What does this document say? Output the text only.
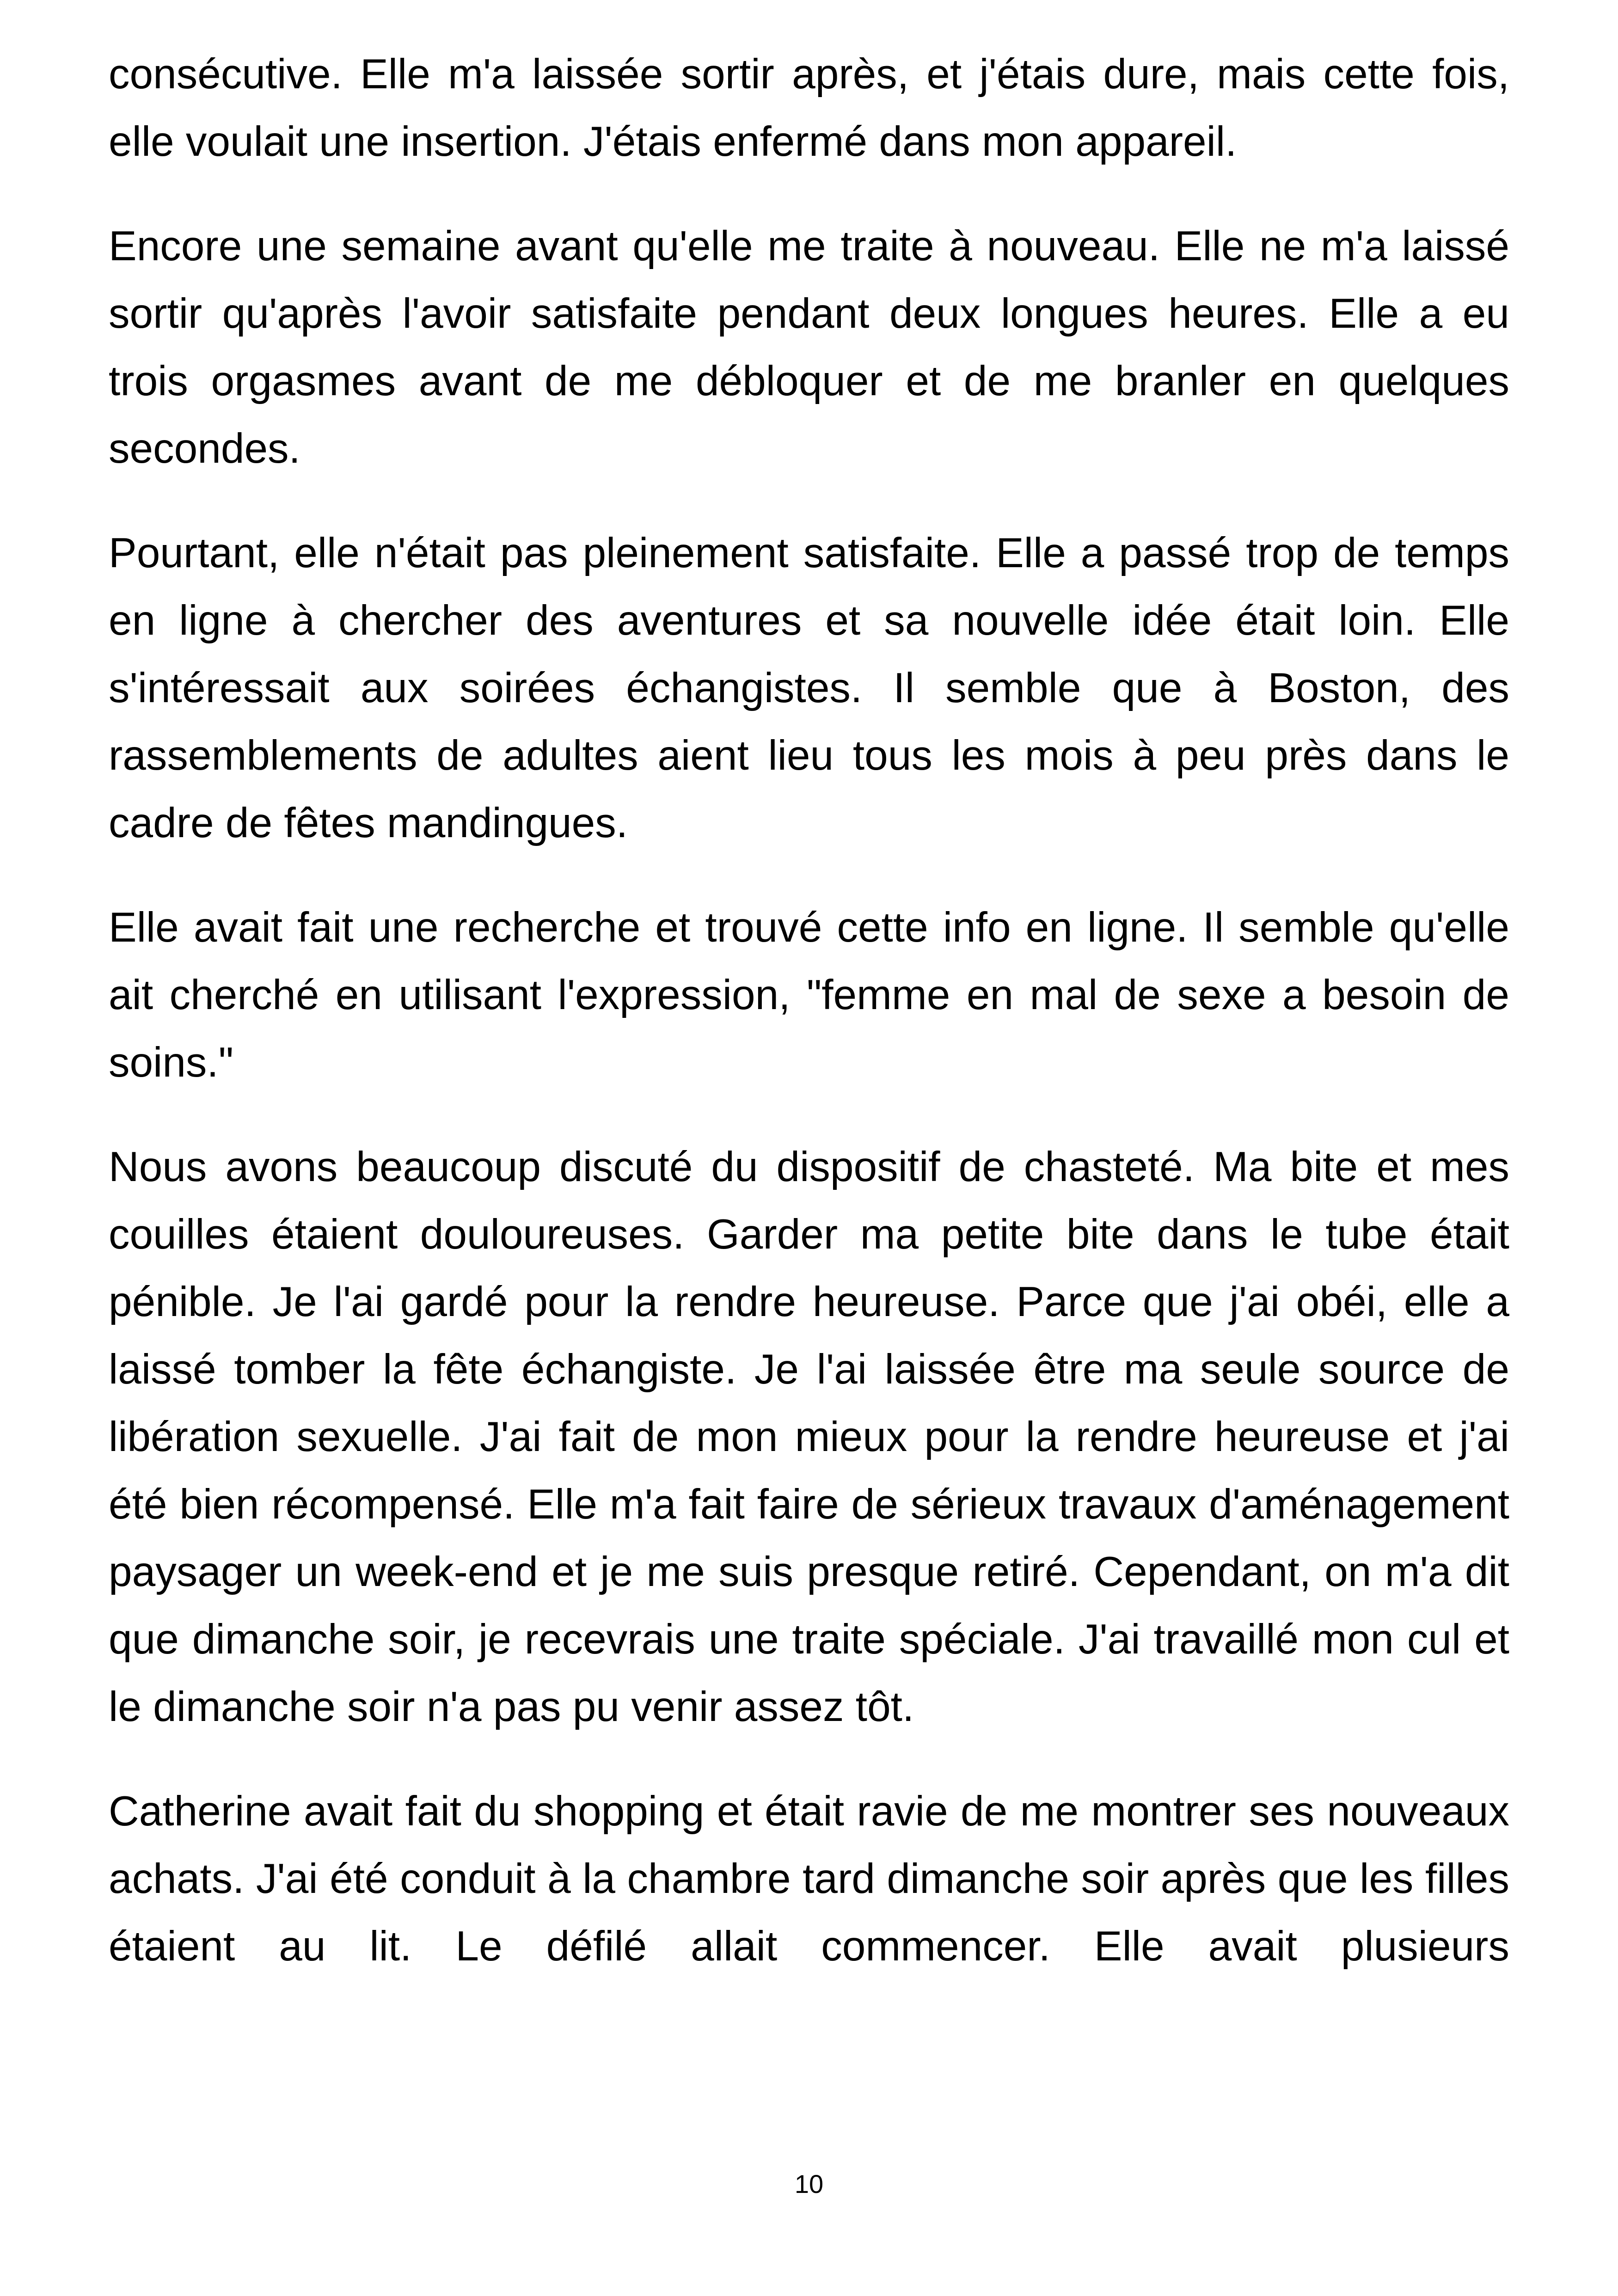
consécutive. Elle m'a laissée sortir après, et j'étais dure, mais cette fois, elle voulait une insertion. J'étais enfermé dans mon appareil.

Encore une semaine avant qu'elle me traite à nouveau. Elle ne m'a laissé sortir qu'après l'avoir satisfaite pendant deux longues heures. Elle a eu trois orgasmes avant de me débloquer et de me branler en quelques secondes.

Pourtant, elle n'était pas pleinement satisfaite. Elle a passé trop de temps en ligne à chercher des aventures et sa nouvelle idée était loin. Elle s'intéressait aux soirées échangistes. Il semble que à Boston, des rassemblements de adultes aient lieu tous les mois à peu près dans le cadre de fêtes mandingues.

Elle avait fait une recherche et trouvé cette info en ligne. Il semble qu'elle ait cherché en utilisant l'expression, "femme en mal de sexe a besoin de soins."

Nous avons beaucoup discuté du dispositif de chasteté. Ma bite et mes couilles étaient douloureuses. Garder ma petite bite dans le tube était pénible. Je l'ai gardé pour la rendre heureuse. Parce que j'ai obéi, elle a laissé tomber la fête échangiste. Je l'ai laissée être ma seule source de libération sexuelle. J'ai fait de mon mieux pour la rendre heureuse et j'ai été bien récompensé. Elle m'a fait faire de sérieux travaux d'aménagement paysager un week-end et je me suis presque retiré. Cependant, on m'a dit que dimanche soir, je recevrais une traite spéciale. J'ai travaillé mon cul et le dimanche soir n'a pas pu venir assez tôt.

Catherine avait fait du shopping et était ravie de me montrer ses nouveaux achats. J'ai été conduit à la chambre tard dimanche soir après que les filles étaient au lit. Le défilé allait commencer. Elle avait plusieurs

10
